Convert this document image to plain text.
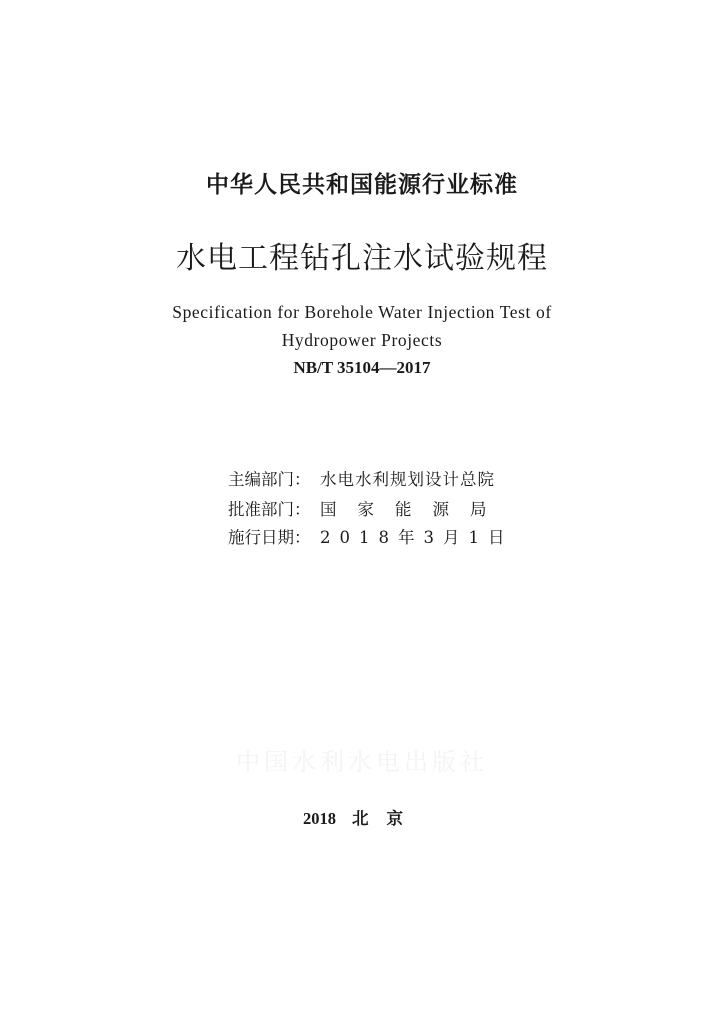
中华人民共和国能源行业标准
水电工程钻孔注水试验规程
Specification for Borehole Water Injection Test of
Hydropower Projects
NB/T 35104—2017
主编部门： 水电水利规划设计总院
批准部门： 国家能源局
施行日期： 2018年3月1日
中国水利水电出版社
2018 北京
